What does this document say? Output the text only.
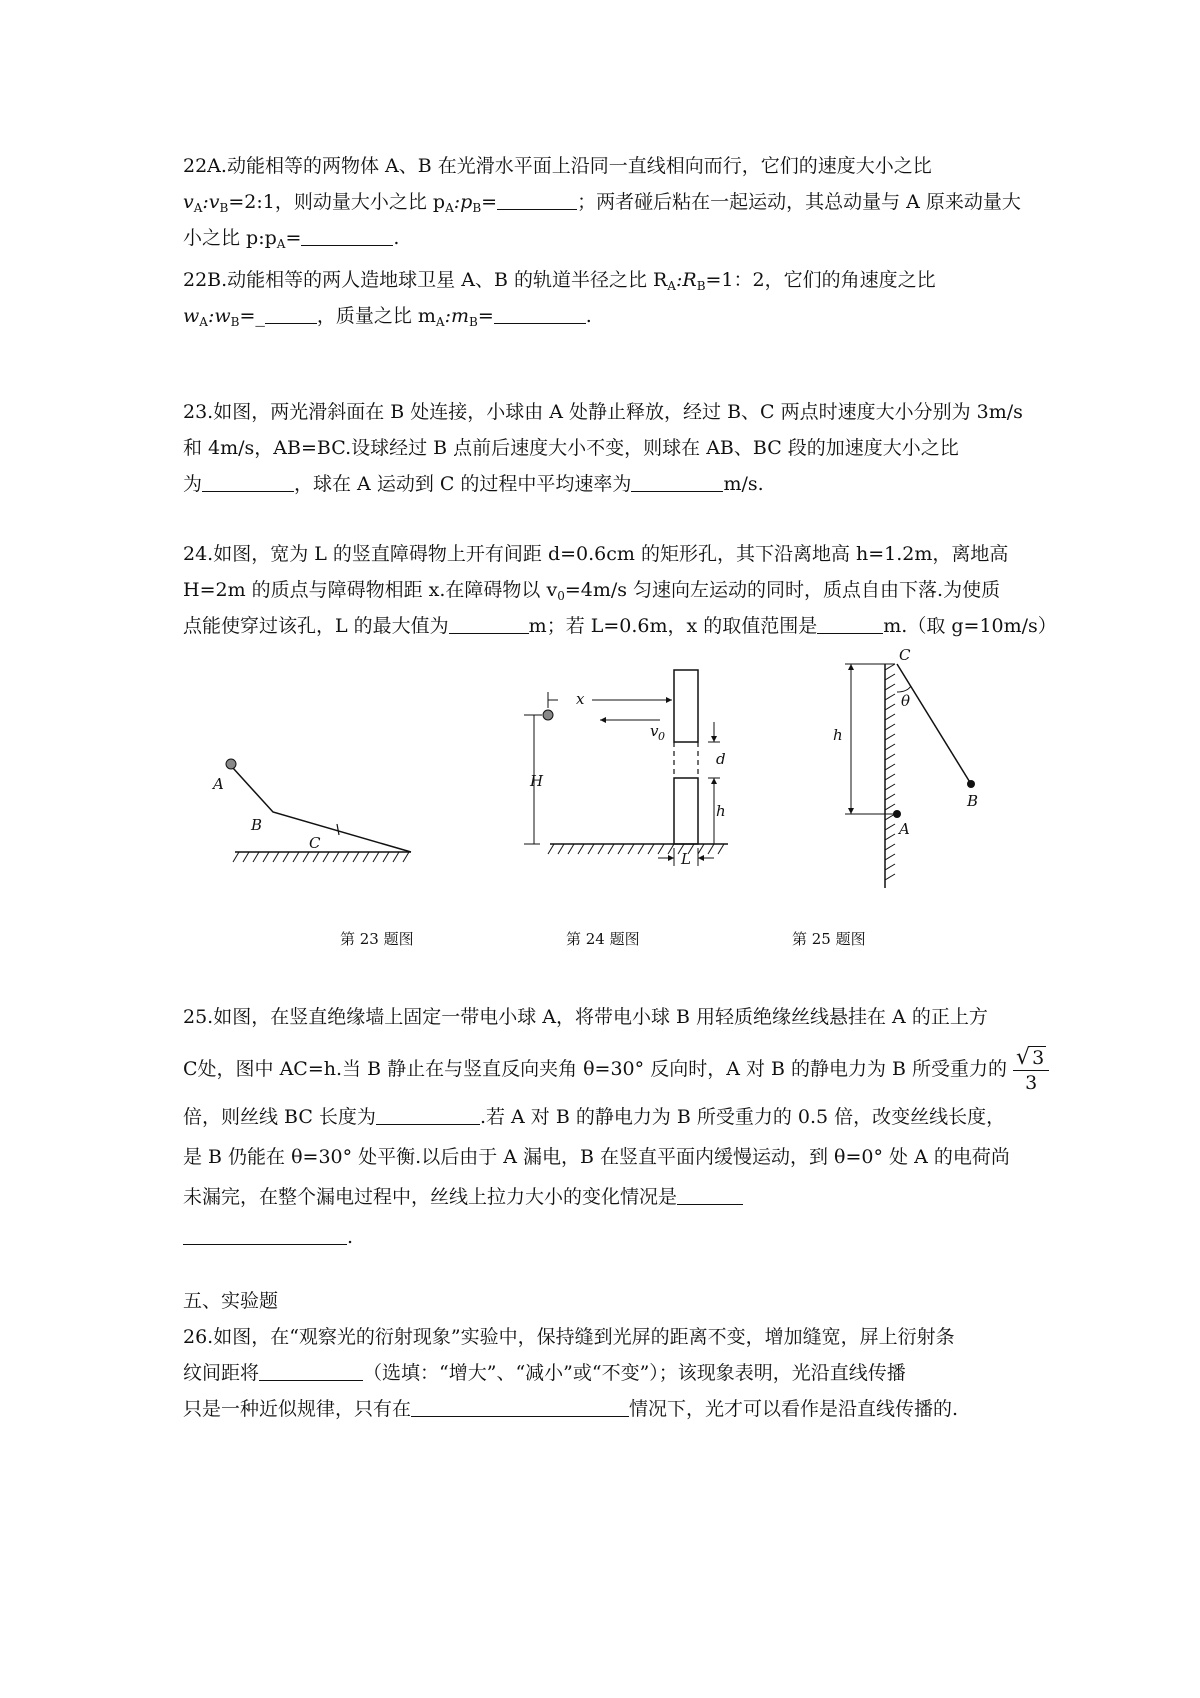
22A.动能相等的两物体 A、B 在光滑水平面上沿同一直线相向而行，它们的速度大小之比
$v_A:v_B=2:1$，则动量大小之比 $p_A:p_B=$	；两者碰后粘在一起运动，其总动量与 A 原来动量大
小之比 $p:p_A=$	.
22B.动能相等的两人造地球卫星 A、B 的轨道半径之比 $R_A:R_B=1$：2，它们的角速度之比
$w_A:w_B=\_$	，质量之比 $m_A:m_B=$	.
23.如图，两光滑斜面在 B 处连接，小球由 A 处静止释放，经过 B、C 两点时速度大小分别为 3m/s
和 4m/s，AB=BC.设球经过 B 点前后速度大小不变，则球在 AB、BC 段的加速度大小之比
为	，球在 A 运动到 C 的过程中平均速率为	m/s.
24.如图，宽为 L 的竖直障碍物上开有间距 d=0.6cm 的矩形孔，其下沿离地高 h=1.2m，离地高
H=2m 的质点与障碍物相距 x.在障碍物以 $v_0=4m/s$ 匀速向左运动的同时，质点自由下落.为使质
点能使穿过该孔，L 的最大值为	m；若 L=0.6m，x 的取值范围是	m.（取 g=10m/s）
A
B
C
x
v 0
d
H
h
L
C
θ
h
B
A
第 23 题图	第 24 题图	第 25 题图
25.如图，在竖直绝缘墙上固定一带电小球 A，将带电小球 B 用轻质绝缘丝线悬挂在 A 的正上方
C处，图中 AC=h.当 B 静止在与竖直反向夹角 θ=30° 反向时，A 对 B 的静电力为 B 所受重力的 $\frac{√ 3}{3}$
倍，则丝线 BC 长度为	.若 A 对 B 的静电力为 B 所受重力的 0.5 倍，改变丝线长度，
是 B 仍能在 θ=30° 处平衡.以后由于 A 漏电，B 在竖直平面内缓慢运动，到 θ=0° 处 A 的电荷尚
未漏完，在整个漏电过程中，丝线上拉力大小的变化情况是
.
五、实验题
26.如图，在“观察光的衍射现象”实验中，保持缝到光屏的距离不变，增加缝宽，屏上衍射条
纹间距将	（选填：“增大”、“减小”或“不变”）；该现象表明，光沿直线传播
只是一种近似规律，只有在	情况下，光才可以看作是沿直线传播的.
